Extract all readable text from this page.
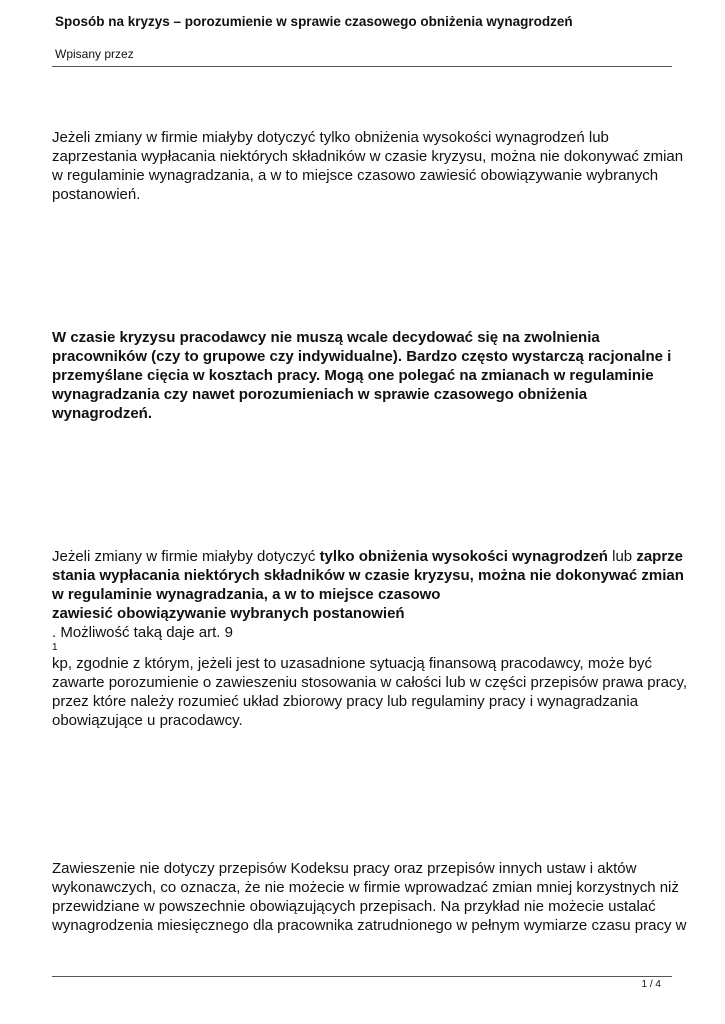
Sposób na kryzys – porozumienie w sprawie czasowego obniżenia wynagrodzeń
Wpisany przez
Jeżeli zmiany w firmie miałyby dotyczyć tylko obniżenia wysokości wynagrodzeń lub
zaprzestania wypłacania niektórych składników w czasie kryzysu, można nie dokonywać zmian
w regulaminie wynagradzania, a w to miejsce czasowo zawiesić obowiązywanie wybranych
postanowień.
W czasie kryzysu pracodawcy nie muszą wcale decydować się na zwolnienia
pracowników (czy to grupowe czy indywidualne). Bardzo często wystarczą racjonalne i
przemyślane cięcia w kosztach pracy. Mogą one polegać na zmianach w regulaminie
wynagradzania czy nawet porozumieniach w sprawie czasowego obniżenia
wynagrodzeń.
Jeżeli zmiany w firmie miałyby dotyczyć tylko obniżenia wysokości wynagrodzeń lub zaprze
stania wypłacania niektórych składników w czasie kryzysu, można nie dokonywać zmian
w regulaminie wynagradzania, a w to miejsce czasowo
zawiesić obowiązywanie wybranych postanowień
. Możliwość taką daje art. 9
1
kp, zgodnie z którym, jeżeli jest to uzasadnione sytuacją finansową pracodawcy, może być
zawarte porozumienie o zawieszeniu stosowania w całości lub w części przepisów prawa pracy,
przez które należy rozumieć układ zbiorowy pracy lub regulaminy pracy i wynagradzania
obowiązujące u pracodawcy.
Zawieszenie nie dotyczy przepisów Kodeksu pracy oraz przepisów innych ustaw i aktów
wykonawczych, co oznacza, że nie możecie w firmie wprowadzać zmian mniej korzystnych niż
przewidziane w powszechnie obowiązujących przepisach. Na przykład nie możecie ustalać
wynagrodzenia miesięcznego dla pracownika zatrudnionego w pełnym wymiarze czasu pracy w
1 / 4
